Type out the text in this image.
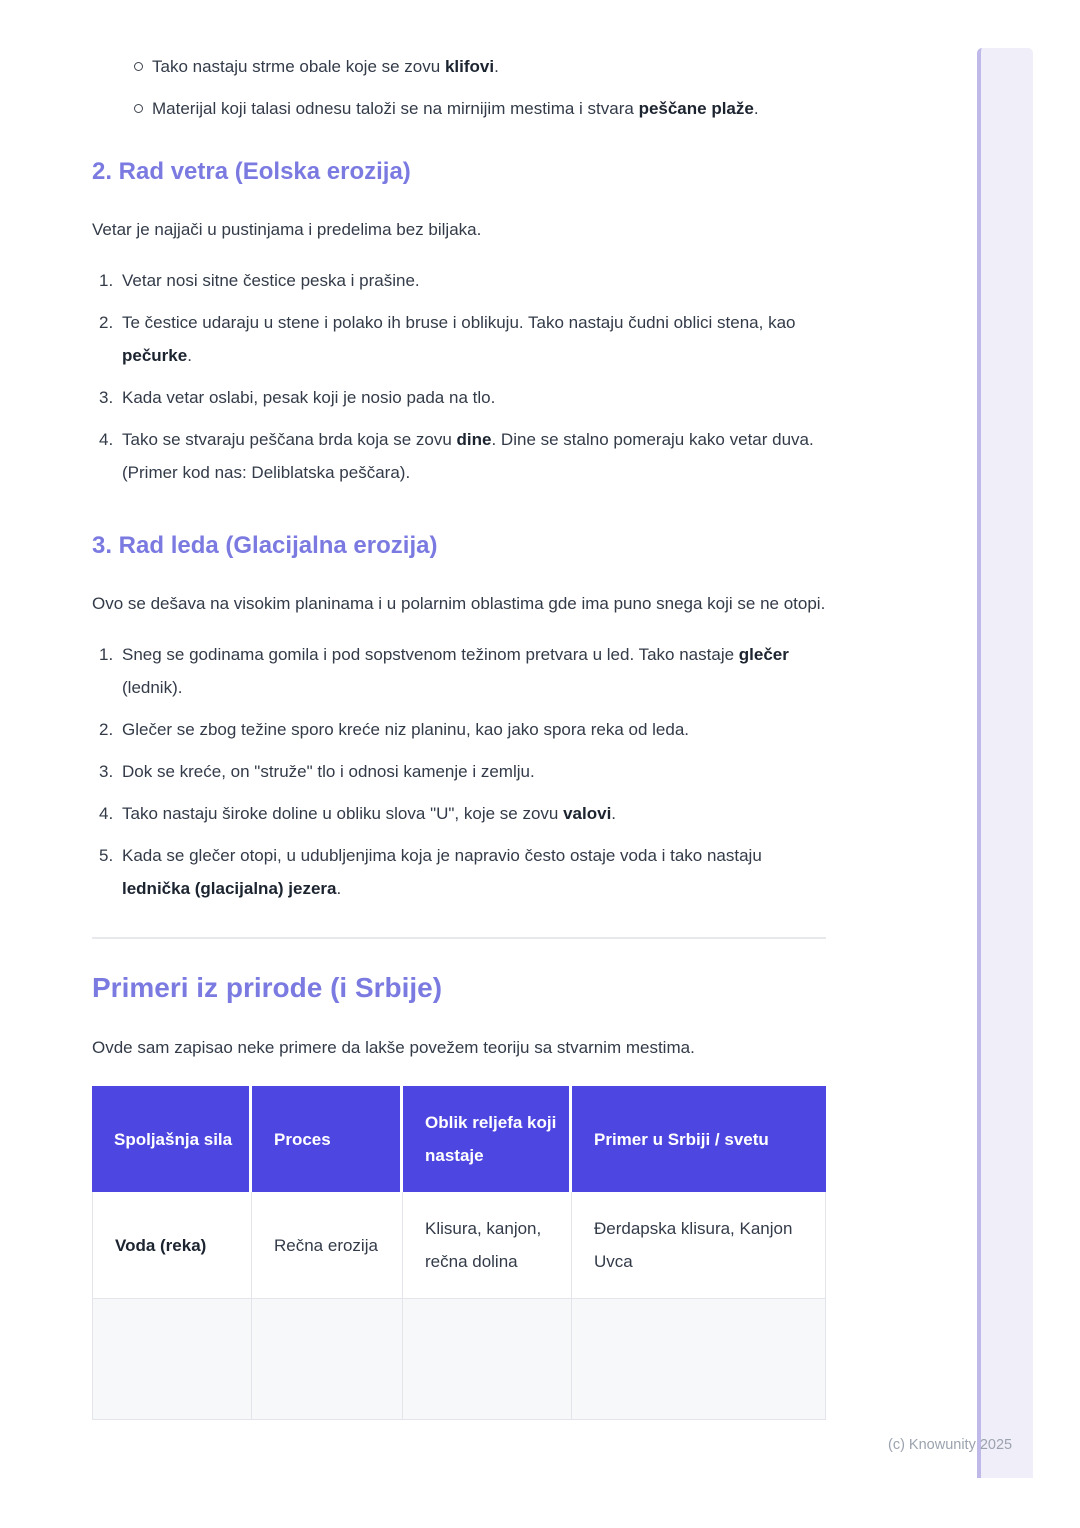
Tako nastaju strme obale koje se zovu klifovi.
Materijal koji talasi odnesu taloži se na mirnijim mestima i stvara peščane plaže.
2. Rad vetra (Eolska erozija)

Vetar je najjači u pustinjama i predelima bez biljaka.

1. Vetar nosi sitne čestice peska i prašine.
2. Te čestice udaraju u stene i polako ih bruse i oblikuju. Tako nastaju čudni oblici stena, kao pečurke.
3. Kada vetar oslabi, pesak koji je nosio pada na tlo.
4. Tako se stvaraju peščana brda koja se zovu dine. Dine se stalno pomeraju kako vetar duva. (Primer kod nas: Deliblatska peščara).
3. Rad leda (Glacijalna erozija)

Ovo se dešava na visokim planinama i u polarnim oblastima gde ima puno snega koji se ne otopi.

1. Sneg se godinama gomila i pod sopstvenom težinom pretvara u led. Tako nastaje glečer (lednik).
2. Glečer se zbog težine sporo kreće niz planinu, kao jako spora reka od leda.
3. Dok se kreće, on "struže" tlo i odnosi kamenje i zemlju.
4. Tako nastaju široke doline u obliku slova "U", koje se zovu valovi.
5. Kada se glečer otopi, u udubljenjima koja je napravio često ostaje voda i tako nastaju lednička (glacijalna) jezera.
Primeri iz prirode (i Srbije)

Ovde sam zapisao neke primere da lakše povežem teoriju sa stvarnim mestima.

Spoljašnja sila	Proces	Oblik reljefa koji nastaje	Primer u Srbiji / svetu
Voda (reka)	Rečna erozija	Klisura, kanjon, rečna dolina	Đerdapska klisura, Kanjon Uvca

(c) Knowunity 2025
